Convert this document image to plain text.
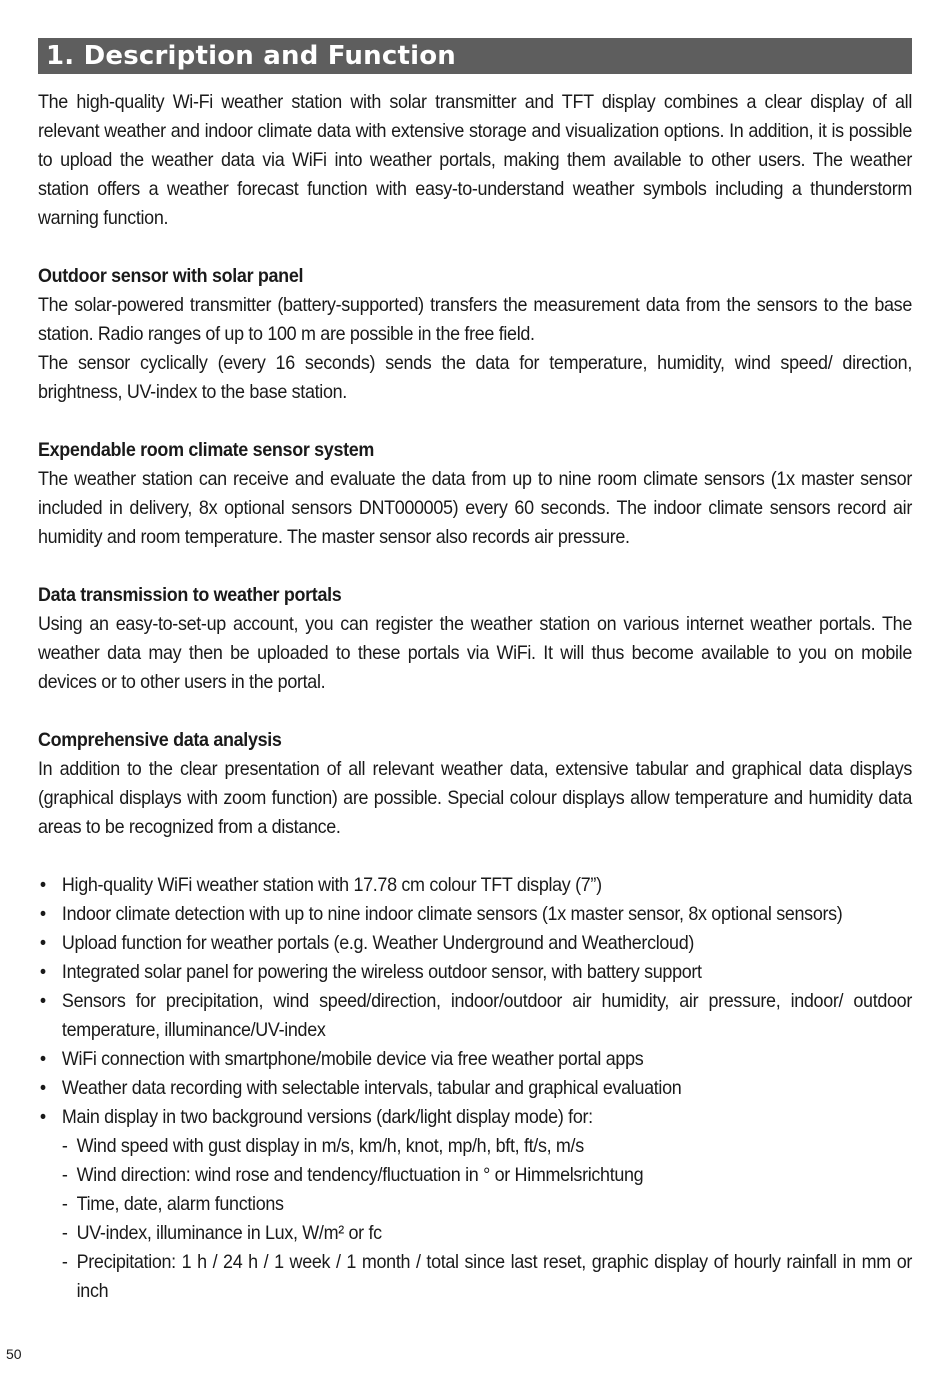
1. Description and Function
The high-quality Wi-Fi weather station with solar transmitter and TFT display combines a clear display of all relevant weather and indoor climate data with extensive storage and visualization options. In addition, it is possible to upload the weather data via WiFi into weather portals, making them available to other users. The weather station offers a weather forecast function with easy-to-understand weather symbols including a thunderstorm warning function.
Outdoor sensor with solar panel
The solar-powered transmitter (battery-supported) transfers the measurement data from the sensors to the base station. Radio ranges of up to 100 m are possible in the free field.
The sensor cyclically (every 16 seconds) sends the data for temperature, humidity, wind speed/ direction, brightness, UV-index to the base station.
Expendable room climate sensor system
The weather station can receive and evaluate the data from up to nine room climate sensors (1x master sensor included in delivery, 8x optional sensors DNT000005) every 60 seconds. The indoor climate sensors record air humidity and room temperature. The master sensor also records air pressure.
Data transmission to weather portals
Using an easy-to-set-up account, you can register the weather station on various internet weather portals. The weather data may then be uploaded to these portals via WiFi. It will thus become available to you on mobile devices or to other users in the portal.
Comprehensive data analysis
In addition to the clear presentation of all relevant weather data, extensive tabular and graphical data displays (graphical displays with zoom function) are possible. Special colour displays allow temperature and humidity data areas to be recognized from a distance.
• High-quality WiFi weather station with 17.78 cm colour TFT display (7”)
• Indoor climate detection with up to nine indoor climate sensors (1x master sensor, 8x optional sensors)
• Upload function for weather portals (e.g. Weather Underground and Weathercloud)
• Integrated solar panel for powering the wireless outdoor sensor, with battery support
• Sensors for precipitation, wind speed/direction, indoor/outdoor air humidity, air pressure, indoor/ outdoor temperature, illuminance/UV-index
• WiFi connection with smartphone/mobile device via free weather portal apps
• Weather data recording with selectable intervals, tabular and graphical evaluation
• Main display in two background versions (dark/light display mode) for:
- Wind speed with gust display in m/s, km/h, knot, mp/h, bft, ft/s, m/s
- Wind direction: wind rose and tendency/fluctuation in ° or Himmelsrichtung
- Time, date, alarm functions
- UV-index, illuminance in Lux, W/m² or fc
- Precipitation: 1 h / 24 h / 1 week / 1 month / total since last reset, graphic display of hourly rainfall in mm or inch
50
